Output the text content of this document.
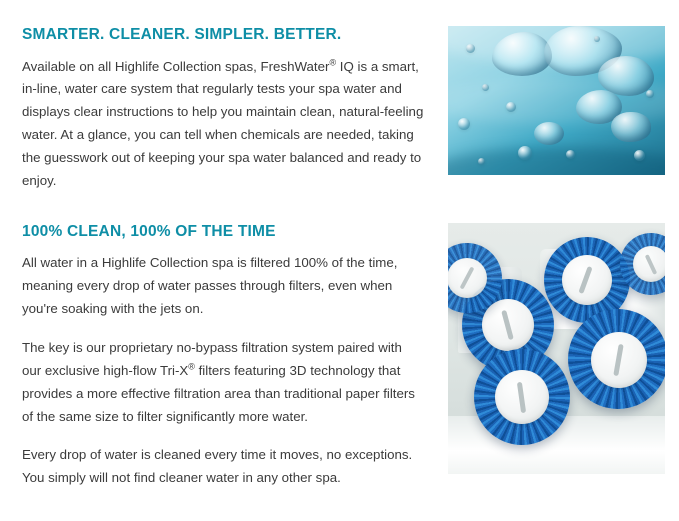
SMARTER. CLEANER. SIMPLER. BETTER.

Available on all Highlife Collection spas, FreshWater® IQ is a smart, in-line, water care system that regularly tests your spa water and displays clear instructions to help you maintain clean, natural-feeling water. At a glance, you can tell when chemicals are needed, taking the guesswork out of keeping your spa water balanced and ready to enjoy.

100% CLEAN, 100% OF THE TIME

All water in a Highlife Collection spa is filtered 100% of the time, meaning every drop of water passes through filters, even when you're soaking with the jets on.

The key is our proprietary no-bypass filtration system paired with our exclusive high-flow Tri-X® filters featuring 3D technology that provides a more effective filtration area than traditional paper filters of the same size to filter significantly more water.

Every drop of water is cleaned every time it moves, no exceptions. You simply will not find cleaner water in any other spa.
